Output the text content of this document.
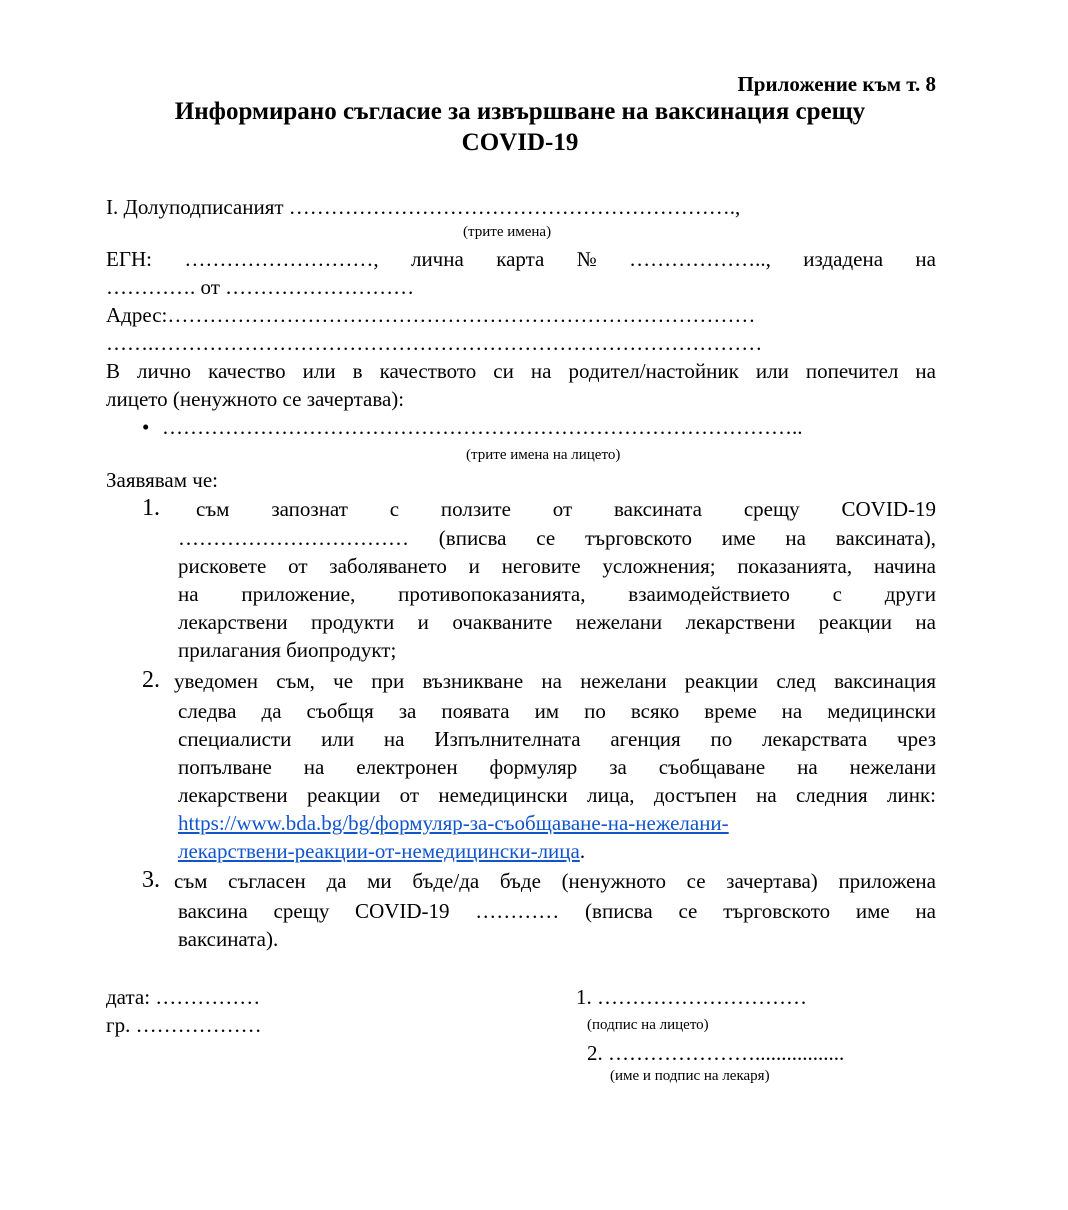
Приложение към т. 8
Информирано съгласие за извършване на ваксинация срещу
COVID-19
I. Долуподписаният ……………………………………………………….,
(трите имена)
ЕГН: ………………………, лична карта № ……………….., издадена на
…………. от ………………………
Адрес:…………………………………………………………………………
…….……………………………………………………………………………
В лично качество или в качеството си на родител/настойник или попечител на
лицето (ненужното се зачертава):
• ………………………………………………………………………………..
(трите имена на лицето)
Заявявам че:
1. съм запознат с ползите от ваксината срещу COVID-19
…………………………… (вписва се търговското име на ваксината),
рисковете от заболяването и неговите усложнения; показанията, начина
на приложение, противопоказанията, взаимодействието с други
лекарствени продукти и очакваните нежелани лекарствени реакции на
прилагания биопродукт;
2. уведомен съм, че при възникване на нежелани реакции след ваксинация
следва да съобщя за появата им по всяко време на медицински
специалисти или на Изпълнителната агенция по лекарствата чрез
попълване на електронен формуляр за съобщаване на нежелани
лекарствени реакции от немедицински лица, достъпен на следния линк:
https://www.bda.bg/bg/формуляр-за-съобщаване-на-нежелани-
лекарствени-реакции-от-немедицински-лица.
3. съм съгласен да ми бъде/да бъде (ненужното се зачертава) приложена
ваксина срещу COVID-19 ………… (вписва се търговското име на
ваксината).
дата: ……………
гр. ………………
1. …………………………
(подпис на лицето)
2. ………………….................
(име и подпис на лекаря)
